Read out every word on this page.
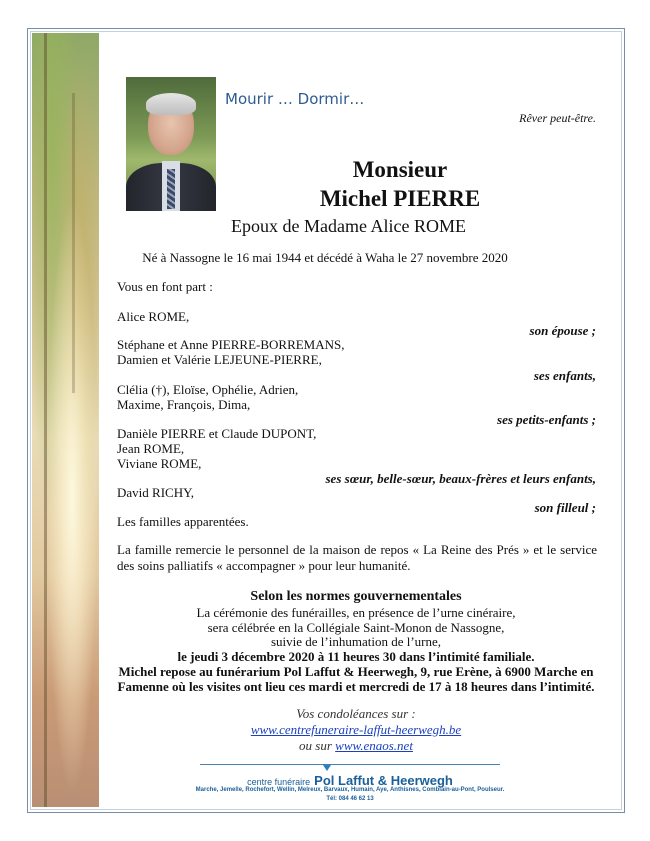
Mourir … Dormir…
Rêver peut-être.
Monsieur
Michel PIERRE
Epoux de Madame Alice ROME
Né à Nassogne le 16 mai 1944 et décédé à Waha le 27 novembre 2020
Vous en font part :
Alice ROME,
son épouse ;
Stéphane et Anne PIERRE-BORREMANS,
Damien et Valérie LEJEUNE-PIERRE,
ses enfants,
Clélia (†), Eloïse, Ophélie, Adrien,
Maxime, François, Dima,
ses petits-enfants ;
Danièle PIERRE et Claude DUPONT,
Jean ROME,
Viviane ROME,
ses sœur, belle-sœur, beaux-frères et leurs enfants,
David RICHY,
son filleul ;
Les familles apparentées.
La famille remercie le personnel de la maison de repos « La Reine des Prés » et le service des soins palliatifs « accompagner » pour leur humanité.
Selon les normes gouvernementales
La cérémonie des funérailles, en présence de l’urne cinéraire,
sera célébrée en la Collégiale Saint-Monon de Nassogne,
suivie de l’inhumation de l’urne,
le jeudi 3 décembre 2020 à 11 heures 30 dans l’intimité familiale.
Michel repose au funérarium Pol Laffut & Heerwegh, 9, rue Erène, à 6900 Marche en
Famenne où les visites ont lieu ces mardi et mercredi de 17 à 18 heures dans l’intimité.
Vos condoléances sur :
www.centrefuneraire-laffut-heerwegh.be
ou sur www.enaos.net
centre funéraire Pol Laffut & Heerwegh
Marche, Jemelle, Rochefort, Wellin, Melreux, Barvaux, Humain, Aye, Anthisnes, Comblain-au-Pont, Poulseur.
Tél: 084 46 62 13
